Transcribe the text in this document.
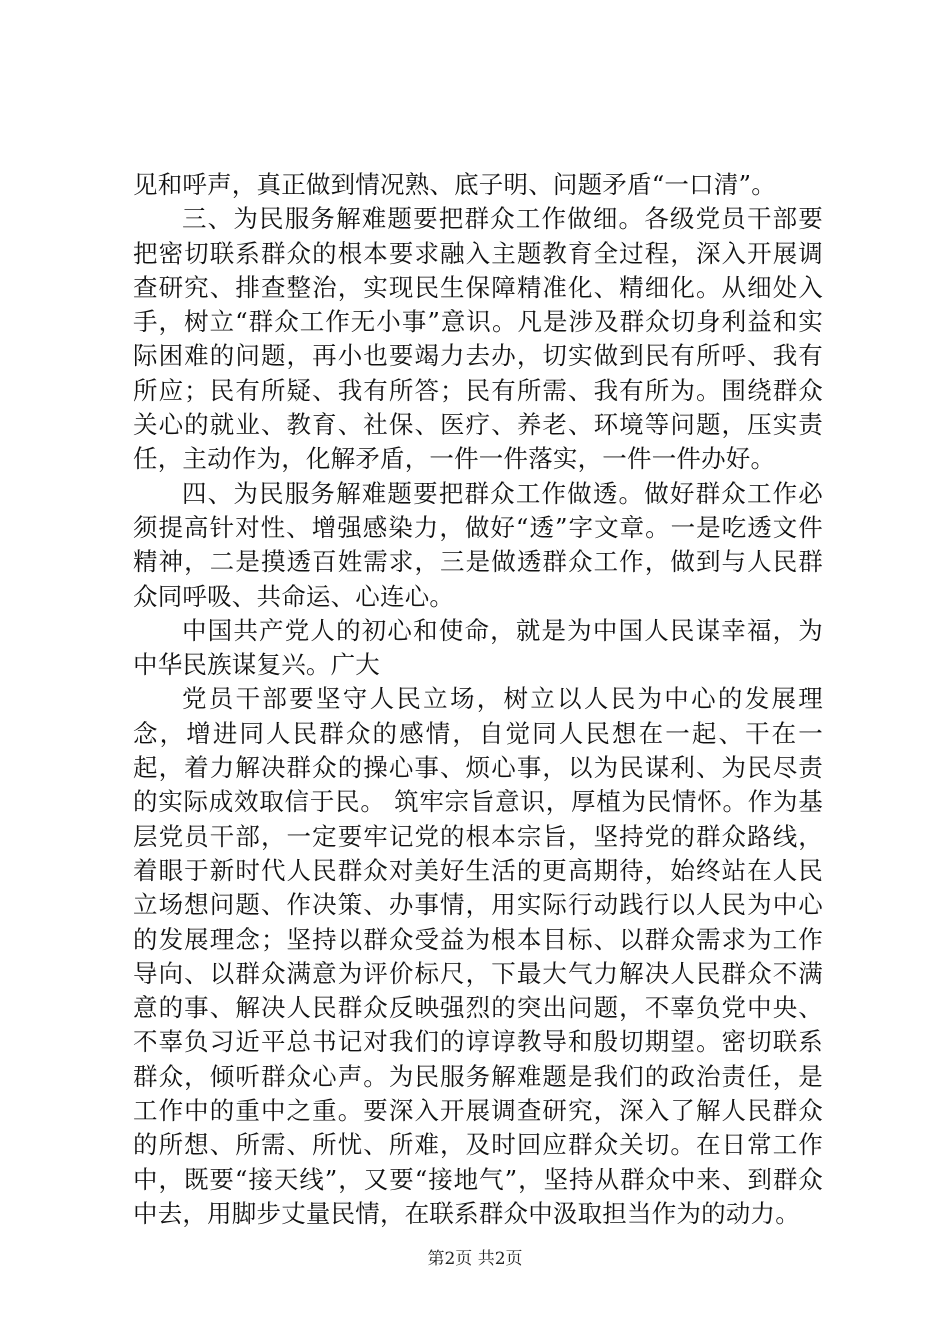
见和呼声，真正做到情况熟、底子明、问题矛盾“一口清”。

三、为民服务解难题要把群众工作做细。各级党员干部要把密切联系群众的根本要求融入主题教育全过程，深入开展调查研究、排查整治，实现民生保障精准化、精细化。从细处入手，树立“群众工作无小事”意识。凡是涉及群众切身利益和实际困难的问题，再小也要竭力去办，切实做到民有所呼、我有所应；民有所疑、我有所答；民有所需、我有所为。围绕群众关心的就业、教育、社保、医疗、养老、环境等问题，压实责任，主动作为，化解矛盾，一件一件落实，一件一件办好。

四、为民服务解难题要把群众工作做透。做好群众工作必须提高针对性、增强感染力，做好“透”字文章。一是吃透文件精神，二是摸透百姓需求，三是做透群众工作，做到与人民群众同呼吸、共命运、心连心。

中国共产党人的初心和使命，就是为中国人民谋幸福，为中华民族谋复兴。广大

党员干部要坚守人民立场，树立以人民为中心的发展理念，增进同人民群众的感情，自觉同人民想在一起、干在一起，着力解决群众的操心事、烦心事，以为民谋利、为民尽责的实际成效取信于民。 筑牢宗旨意识，厚植为民情怀。作为基层党员干部，一定要牢记党的根本宗旨，坚持党的群众路线，着眼于新时代人民群众对美好生活的更高期待，始终站在人民立场想问题、作决策、办事情，用实际行动践行以人民为中心的发展理念；坚持以群众受益为根本目标、以群众需求为工作导向、以群众满意为评价标尺，下最大气力解决人民群众不满意的事、解决人民群众反映强烈的突出问题，不辜负党中央、不辜负习近平总书记对我们的谆谆教导和殷切期望。密切联系群众，倾听群众心声。为民服务解难题是我们的政治责任，是工作中的重中之重。要深入开展调查研究，深入了解人民群众的所想、所需、所忧、所难，及时回应群众关切。在日常工作中，既要“接天线”，又要“接地气”，坚持从群众中来、到群众中去，用脚步丈量民情，在联系群众中汲取担当作为的动力。

第2页 共2页
